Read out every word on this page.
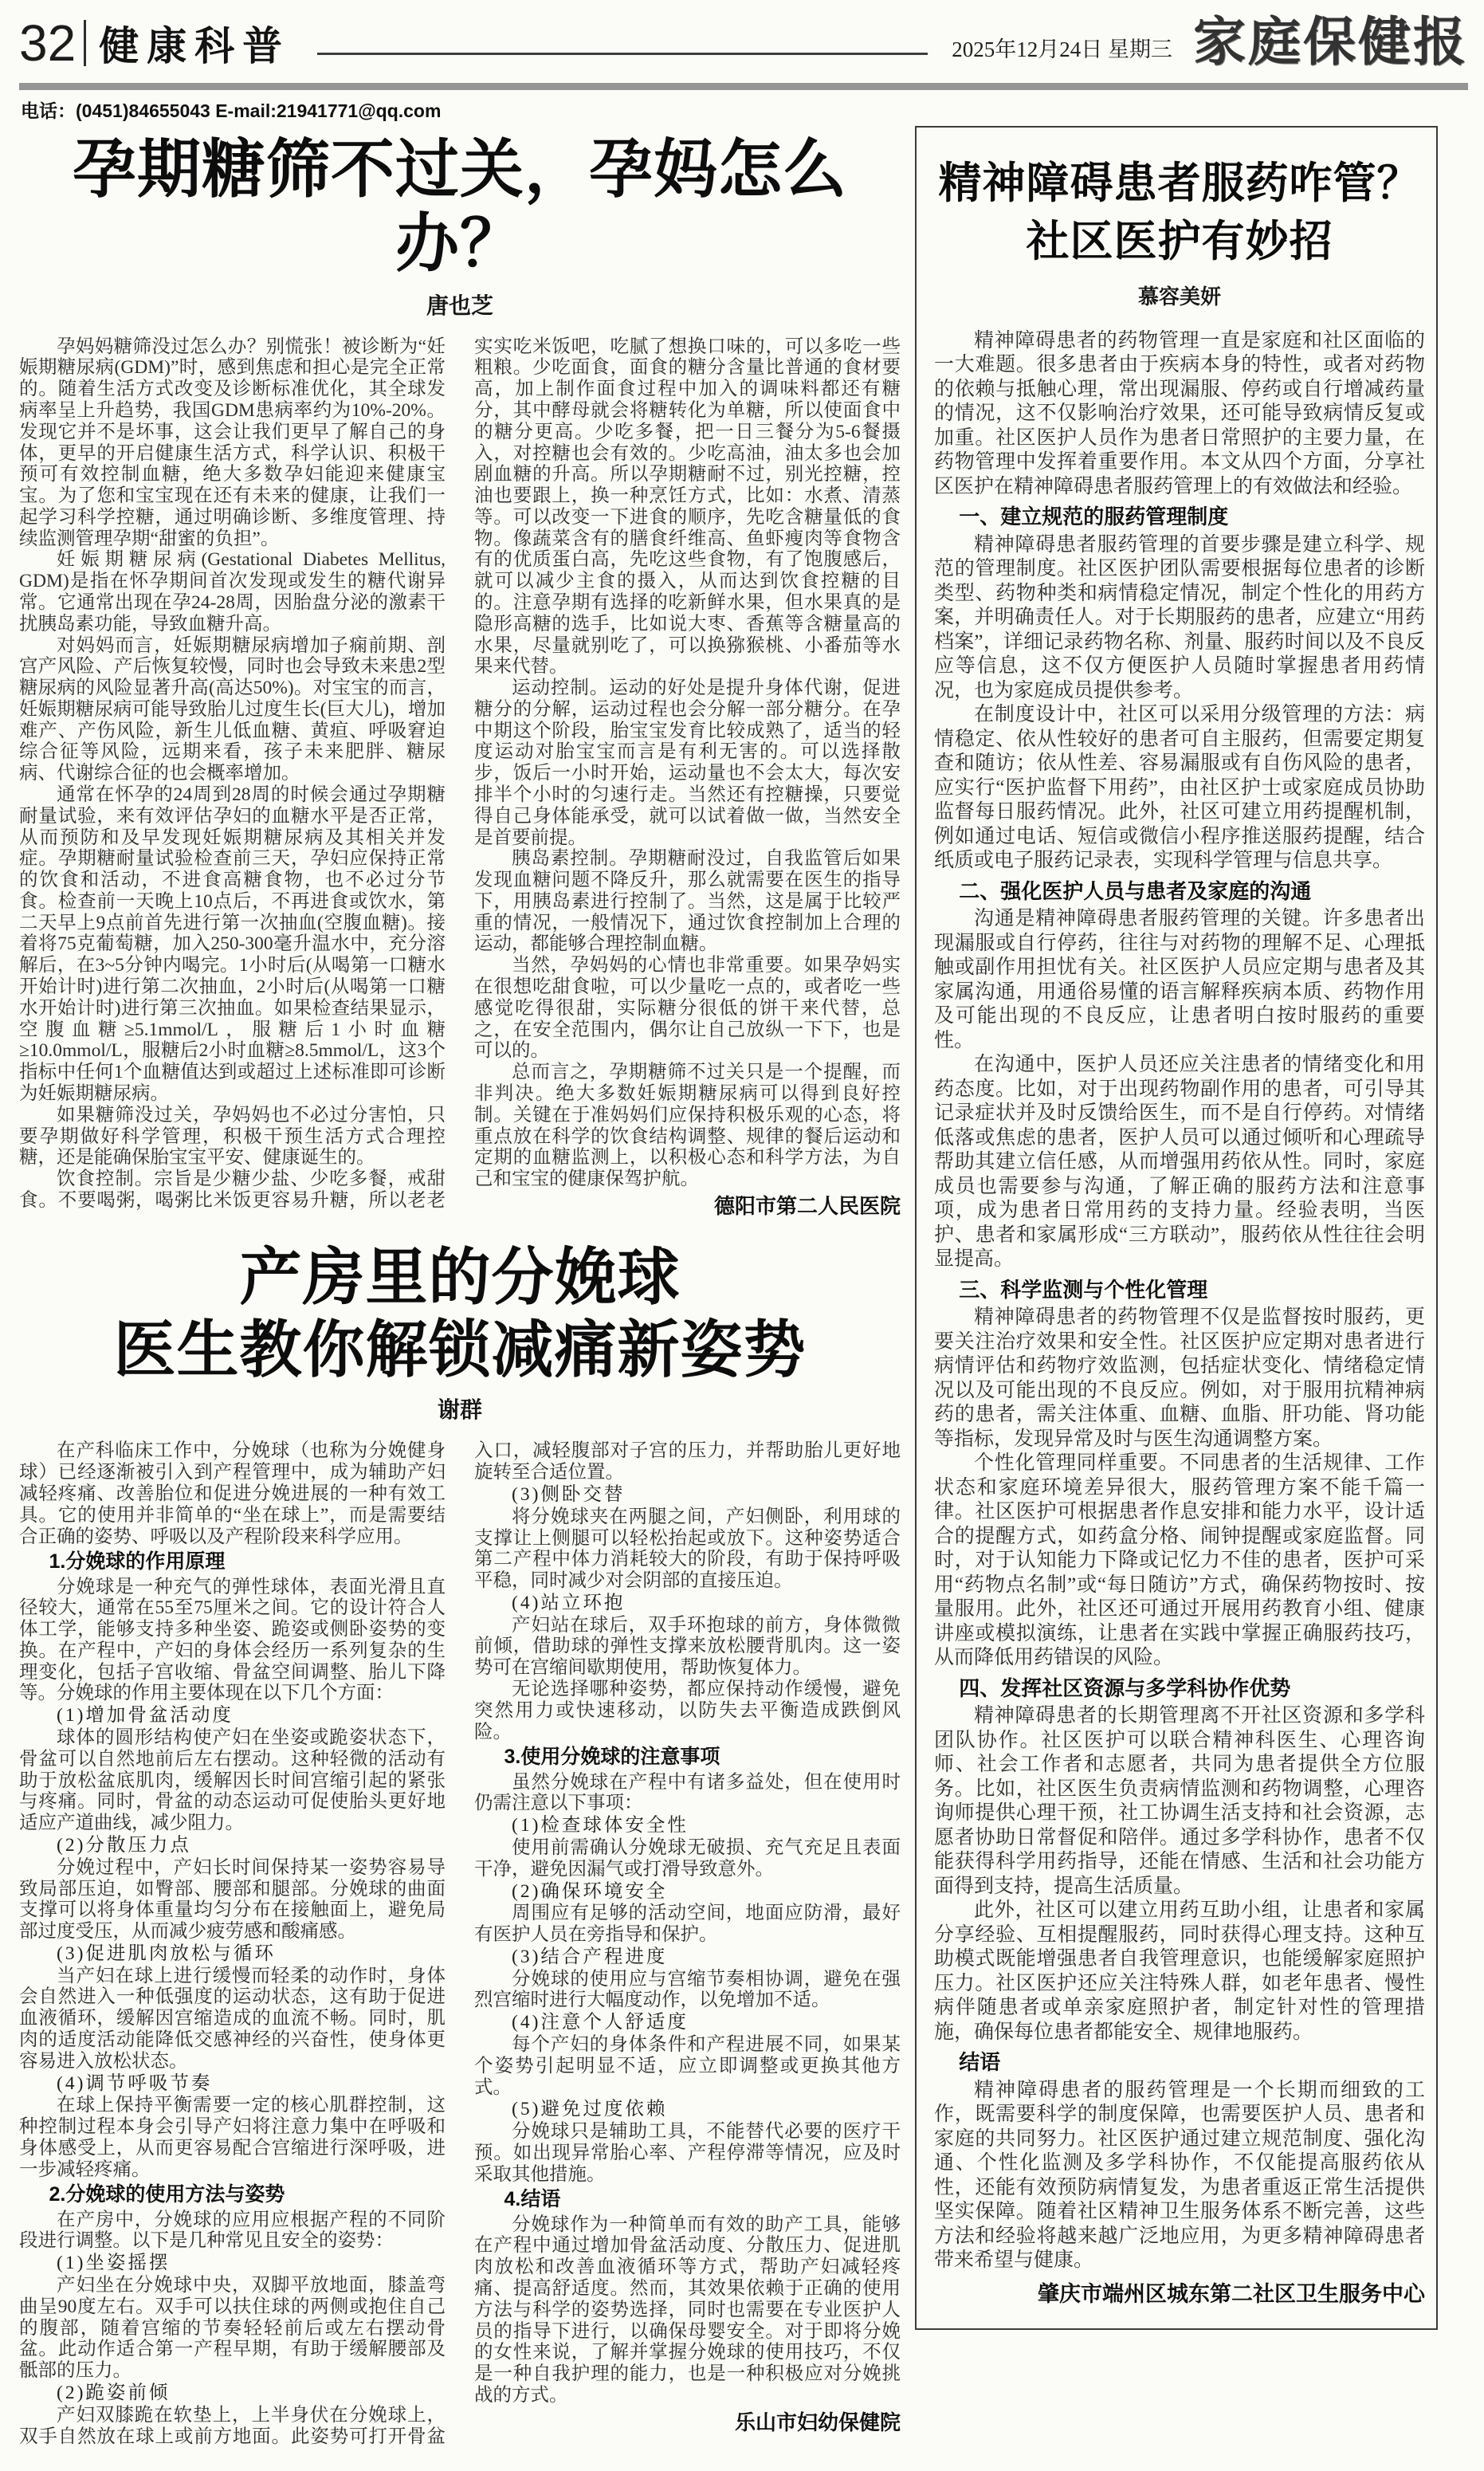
32 健康科普	2025年12月24日 星期三 家庭保健报
电话：(0451)84655043 E-mail:21941771@qq.com
孕期糖筛不过关，孕妈怎么办？
唐也芝

孕妈妈糖筛没过怎么办？别慌张！被诊断为“妊娠期糖尿病(GDM)”时，感到焦虑和担心是完全正常的。随着生活方式改变及诊断标准优化，其全球发病率呈上升趋势，我国GDM患病率约为10%-20%。发现它并不是坏事，这会让我们更早了解自己的身体，更早的开启健康生活方式，科学认识、积极干预可有效控制血糖，绝大多数孕妇能迎来健康宝宝。为了您和宝宝现在还有未来的健康，让我们一起学习科学控糖，通过明确诊断、多维度管理、持续监测管理孕期“甜蜜的负担”。

妊娠期糖尿病(Gestational Diabetes Mellitus, GDM)是指在怀孕期间首次发现或发生的糖代谢异常。它通常出现在孕24-28周，因胎盘分泌的激素干扰胰岛素功能，导致血糖升高。

对妈妈而言，妊娠期糖尿病增加子痫前期、剖宫产风险、产后恢复较慢，同时也会导致未来患2型糖尿病的风险显著升高(高达50%)。对宝宝的而言，妊娠期糖尿病可能导致胎儿过度生长(巨大儿)，增加难产、产伤风险，新生儿低血糖、黄疸、呼吸窘迫综合征等风险，远期来看，孩子未来肥胖、糖尿病、代谢综合征的也会概率增加。

通常在怀孕的24周到28周的时候会通过孕期糖耐量试验，来有效评估孕妇的血糖水平是否正常，从而预防和及早发现妊娠期糖尿病及其相关并发症。孕期糖耐量试验检查前三天，孕妇应保持正常的饮食和活动，不进食高糖食物，也不必过分节食。检查前一天晚上10点后，不再进食或饮水，第二天早上9点前首先进行第一次抽血(空腹血糖)。接着将75克葡萄糖，加入250-300毫升温水中，充分溶解后，在3~5分钟内喝完。1小时后(从喝第一口糖水开始计时)进行第二次抽血，2小时后(从喝第一口糖水开始计时)进行第三次抽血。如果检查结果显示，空腹血糖≥5.1mmol/L，服糖后1小时血糖≥10.0mmol/L，服糖后2小时血糖≥8.5mmol/L，这3个指标中任何1个血糖值达到或超过上述标准即可诊断为妊娠期糖尿病。

如果糖筛没过关，孕妈妈也不必过分害怕，只要孕期做好科学管理，积极干预生活方式合理控糖，还是能确保胎宝宝平安、健康诞生的。

饮食控制。宗旨是少糖少盐、少吃多餐，戒甜食。不要喝粥，喝粥比米饭更容易升糖，所以老老实实吃米饭吧，吃腻了想换口味的，可以多吃一些粗粮。少吃面食，面食的糖分含量比普通的食材要高，加上制作面食过程中加入的调味料都还有糖分，其中酵母就会将糖转化为单糖，所以使面食中的糖分更高。少吃多餐，把一日三餐分为5-6餐摄入，对控糖也会有效的。少吃高油，油太多也会加剧血糖的升高。所以孕期糖耐不过，别光控糖，控油也要跟上，换一种烹饪方式，比如：水煮、清蒸等。可以改变一下进食的顺序，先吃含糖量低的食物。像蔬菜含有的膳食纤维高、鱼虾瘦肉等食物含有的优质蛋白高，先吃这些食物，有了饱腹感后，就可以减少主食的摄入，从而达到饮食控糖的目的。注意孕期有选择的吃新鲜水果，但水果真的是隐形高糖的选手，比如说大枣、香蕉等含糖量高的水果，尽量就别吃了，可以换猕猴桃、小番茄等水果来代替。

运动控制。运动的好处是提升身体代谢，促进糖分的分解，运动过程也会分解一部分糖分。在孕中期这个阶段，胎宝宝发育比较成熟了，适当的轻度运动对胎宝宝而言是有利无害的。可以选择散步，饭后一小时开始，运动量也不会太大，每次安排半个小时的匀速行走。当然还有控糖操，只要觉得自己身体能承受，就可以试着做一做，当然安全是首要前提。

胰岛素控制。孕期糖耐没过，自我监管后如果发现血糖问题不降反升，那么就需要在医生的指导下，用胰岛素进行控制了。当然，这是属于比较严重的情况，一般情况下，通过饮食控制加上合理的运动，都能够合理控制血糖。

当然，孕妈妈的心情也非常重要。如果孕妈实在很想吃甜食啦，可以少量吃一点的，或者吃一些感觉吃得很甜，实际糖分很低的饼干来代替，总之，在安全范围内，偶尔让自己放纵一下下，也是可以的。

总而言之，孕期糖筛不过关只是一个提醒，而非判决。绝大多数妊娠期糖尿病可以得到良好控制。关键在于准妈妈们应保持积极乐观的心态，将重点放在科学的饮食结构调整、规律的餐后运动和定期的血糖监测上，以积极心态和科学方法，为自己和宝宝的健康保驾护航。

德阳市第二人民医院

产房里的分娩球
医生教你解锁减痛新姿势
谢群

在产科临床工作中，分娩球（也称为分娩健身球）已经逐渐被引入到产程管理中，成为辅助产妇减轻疼痛、改善胎位和促进分娩进展的一种有效工具。它的使用并非简单的“坐在球上”，而是需要结合正确的姿势、呼吸以及产程阶段来科学应用。

1.分娩球的作用原理

分娩球是一种充气的弹性球体，表面光滑且直径较大，通常在55至75厘米之间。它的设计符合人体工学，能够支持多种坐姿、跪姿或侧卧姿势的变换。在产程中，产妇的身体会经历一系列复杂的生理变化，包括子宫收缩、骨盆空间调整、胎儿下降等。分娩球的作用主要体现在以下几个方面：

(1)增加骨盆活动度

球体的圆形结构使产妇在坐姿或跪姿状态下，骨盆可以自然地前后左右摆动。这种轻微的活动有助于放松盆底肌肉，缓解因长时间宫缩引起的紧张与疼痛。同时，骨盆的动态运动可促使胎头更好地适应产道曲线，减少阻力。

(2)分散压力点

分娩过程中，产妇长时间保持某一姿势容易导致局部压迫，如臀部、腰部和腿部。分娩球的曲面支撑可以将身体重量均匀分布在接触面上，避免局部过度受压，从而减少疲劳感和酸痛感。

(3)促进肌肉放松与循环

当产妇在球上进行缓慢而轻柔的动作时，身体会自然进入一种低强度的运动状态，这有助于促进血液循环，缓解因宫缩造成的血流不畅。同时，肌肉的适度活动能降低交感神经的兴奋性，使身体更容易进入放松状态。

(4)调节呼吸节奏

在球上保持平衡需要一定的核心肌群控制，这种控制过程本身会引导产妇将注意力集中在呼吸和身体感受上，从而更容易配合宫缩进行深呼吸，进一步减轻疼痛。

2.分娩球的使用方法与姿势

在产房中，分娩球的应用应根据产程的不同阶段进行调整。以下是几种常见且安全的姿势：

(1)坐姿摇摆

产妇坐在分娩球中央，双脚平放地面，膝盖弯曲呈90度左右。双手可以扶住球的两侧或抱住自己的腹部，随着宫缩的节奏轻轻前后或左右摆动骨盆。此动作适合第一产程早期，有助于缓解腰部及骶部的压力。

(2)跪姿前倾

产妇双膝跪在软垫上，上半身伏在分娩球上，双手自然放在球上或前方地面。此姿势可打开骨盆入口，减轻腹部对子宫的压力，并帮助胎儿更好地旋转至合适位置。

(3)侧卧交替

将分娩球夹在两腿之间，产妇侧卧，利用球的支撑让上侧腿可以轻松抬起或放下。这种姿势适合第二产程中体力消耗较大的阶段，有助于保持呼吸平稳，同时减少对会阴部的直接压迫。

(4)站立环抱

产妇站在球后，双手环抱球的前方，身体微微前倾，借助球的弹性支撑来放松腰背肌肉。这一姿势可在宫缩间歇期使用，帮助恢复体力。

无论选择哪种姿势，都应保持动作缓慢，避免突然用力或快速移动，以防失去平衡造成跌倒风险。

3.使用分娩球的注意事项

虽然分娩球在产程中有诸多益处，但在使用时仍需注意以下事项：

(1)检查球体安全性

使用前需确认分娩球无破损、充气充足且表面干净，避免因漏气或打滑导致意外。

(2)确保环境安全

周围应有足够的活动空间，地面应防滑，最好有医护人员在旁指导和保护。

(3)结合产程进度

分娩球的使用应与宫缩节奏相协调，避免在强烈宫缩时进行大幅度动作，以免增加不适。

(4)注意个人舒适度

每个产妇的身体条件和产程进展不同，如果某个姿势引起明显不适，应立即调整或更换其他方式。

(5)避免过度依赖

分娩球只是辅助工具，不能替代必要的医疗干预。如出现异常胎心率、产程停滞等情况，应及时采取其他措施。

4.结语

分娩球作为一种简单而有效的助产工具，能够在产程中通过增加骨盆活动度、分散压力、促进肌肉放松和改善血液循环等方式，帮助产妇减轻疼痛、提高舒适度。然而，其效果依赖于正确的使用方法与科学的姿势选择，同时也需要在专业医护人员的指导下进行，以确保母婴安全。对于即将分娩的女性来说，了解并掌握分娩球的使用技巧，不仅是一种自我护理的能力，也是一种积极应对分娩挑战的方式。

乐山市妇幼保健院

精神障碍患者服药咋管？
社区医护有妙招
慕容美妍

精神障碍患者的药物管理一直是家庭和社区面临的一大难题。很多患者由于疾病本身的特性，或者对药物的依赖与抵触心理，常出现漏服、停药或自行增减药量的情况，这不仅影响治疗效果，还可能导致病情反复或加重。社区医护人员作为患者日常照护的主要力量，在药物管理中发挥着重要作用。本文从四个方面，分享社区医护在精神障碍患者服药管理上的有效做法和经验。

一、建立规范的服药管理制度

精神障碍患者服药管理的首要步骤是建立科学、规范的管理制度。社区医护团队需要根据每位患者的诊断类型、药物种类和病情稳定情况，制定个性化的用药方案，并明确责任人。对于长期服药的患者，应建立“用药档案”，详细记录药物名称、剂量、服药时间以及不良反应等信息，这不仅方便医护人员随时掌握患者用药情况，也为家庭成员提供参考。

在制度设计中，社区可以采用分级管理的方法：病情稳定、依从性较好的患者可自主服药，但需要定期复查和随访；依从性差、容易漏服或有自伤风险的患者，应实行“医护监督下用药”，由社区护士或家庭成员协助监督每日服药情况。此外，社区可建立用药提醒机制，例如通过电话、短信或微信小程序推送服药提醒，结合纸质或电子服药记录表，实现科学管理与信息共享。

二、强化医护人员与患者及家庭的沟通

沟通是精神障碍患者服药管理的关键。许多患者出现漏服或自行停药，往往与对药物的理解不足、心理抵触或副作用担忧有关。社区医护人员应定期与患者及其家属沟通，用通俗易懂的语言解释疾病本质、药物作用及可能出现的不良反应，让患者明白按时服药的重要性。

在沟通中，医护人员还应关注患者的情绪变化和用药态度。比如，对于出现药物副作用的患者，可引导其记录症状并及时反馈给医生，而不是自行停药。对情绪低落或焦虑的患者，医护人员可以通过倾听和心理疏导帮助其建立信任感，从而增强用药依从性。同时，家庭成员也需要参与沟通，了解正确的服药方法和注意事项，成为患者日常用药的支持力量。经验表明，当医护、患者和家属形成“三方联动”，服药依从性往往会明显提高。

三、科学监测与个性化管理

精神障碍患者的药物管理不仅是监督按时服药，更要关注治疗效果和安全性。社区医护应定期对患者进行病情评估和药物疗效监测，包括症状变化、情绪稳定情况以及可能出现的不良反应。例如，对于服用抗精神病药的患者，需关注体重、血糖、血脂、肝功能、肾功能等指标，发现异常及时与医生沟通调整方案。

个性化管理同样重要。不同患者的生活规律、工作状态和家庭环境差异很大，服药管理方案不能千篇一律。社区医护可根据患者作息安排和能力水平，设计适合的提醒方式，如药盒分格、闹钟提醒或家庭监督。同时，对于认知能力下降或记忆力不佳的患者，医护可采用“药物点名制”或“每日随访”方式，确保药物按时、按量服用。此外，社区还可通过开展用药教育小组、健康讲座或模拟演练，让患者在实践中掌握正确服药技巧，从而降低用药错误的风险。

四、发挥社区资源与多学科协作优势

精神障碍患者的长期管理离不开社区资源和多学科团队协作。社区医护可以联合精神科医生、心理咨询师、社会工作者和志愿者，共同为患者提供全方位服务。比如，社区医生负责病情监测和药物调整，心理咨询师提供心理干预，社工协调生活支持和社会资源，志愿者协助日常督促和陪伴。通过多学科协作，患者不仅能获得科学用药指导，还能在情感、生活和社会功能方面得到支持，提高生活质量。

此外，社区可以建立用药互助小组，让患者和家属分享经验、互相提醒服药，同时获得心理支持。这种互助模式既能增强患者自我管理意识，也能缓解家庭照护压力。社区医护还应关注特殊人群，如老年患者、慢性病伴随患者或单亲家庭照护者，制定针对性的管理措施，确保每位患者都能安全、规律地服药。

结语

精神障碍患者的服药管理是一个长期而细致的工作，既需要科学的制度保障，也需要医护人员、患者和家庭的共同努力。社区医护通过建立规范制度、强化沟通、个性化监测及多学科协作，不仅能提高服药依从性，还能有效预防病情复发，为患者重返正常生活提供坚实保障。随着社区精神卫生服务体系不断完善，这些方法和经验将越来越广泛地应用，为更多精神障碍患者带来希望与健康。

肇庆市端州区城东第二社区卫生服务中心
